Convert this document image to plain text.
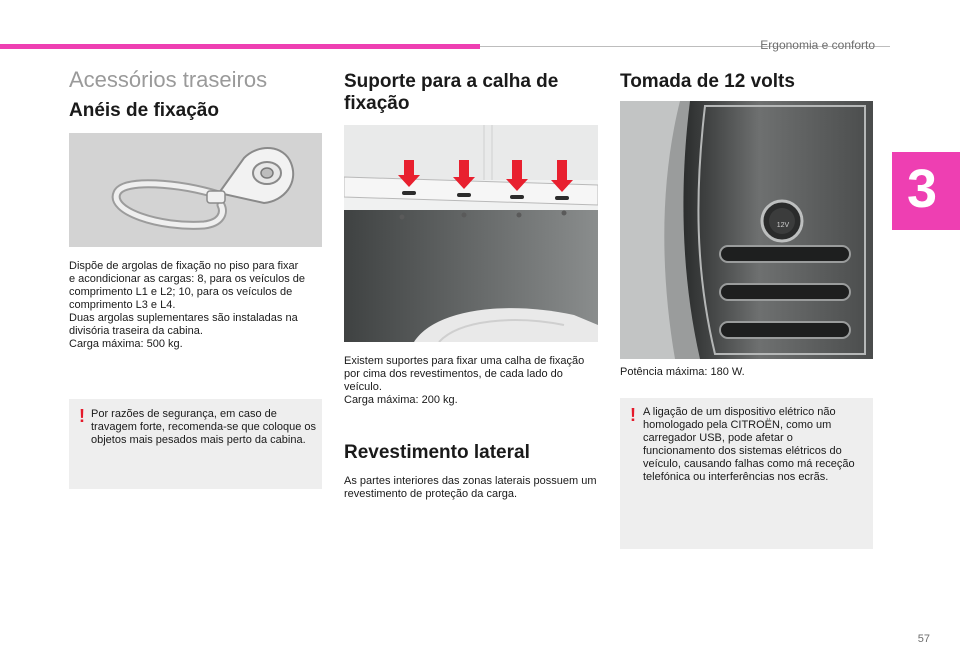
Ergonomia e conforto
3
Acessórios traseiros
Anéis de fixação
Dispõe de argolas de fixação no piso para fixar
e acondicionar as cargas: 8, para os veículos de
comprimento L1 e L2; 10, para os veículos de
comprimento L3 e L4.
Duas argolas suplementares são instaladas na
divisória traseira da cabina.
Carga máxima: 500 kg.
! Por razões de segurança, em caso de travagem forte, recomenda-se que coloque os objetos mais pesados mais perto da cabina.
Suporte para a calha de fixação
Existem suportes para fixar uma calha de fixação
por cima dos revestimentos, de cada lado do
veículo.
Carga máxima: 200 kg.
Revestimento lateral
As partes interiores das zonas laterais possuem um
revestimento de proteção da carga.
Tomada de 12 volts
12V
Potência máxima: 180 W.
! A ligação de um dispositivo elétrico não homologado pela CITROËN, como um carregador USB, pode afetar o funcionamento dos sistemas elétricos do veículo, causando falhas como má receção telefónica ou interferências nos ecrãs.
57
